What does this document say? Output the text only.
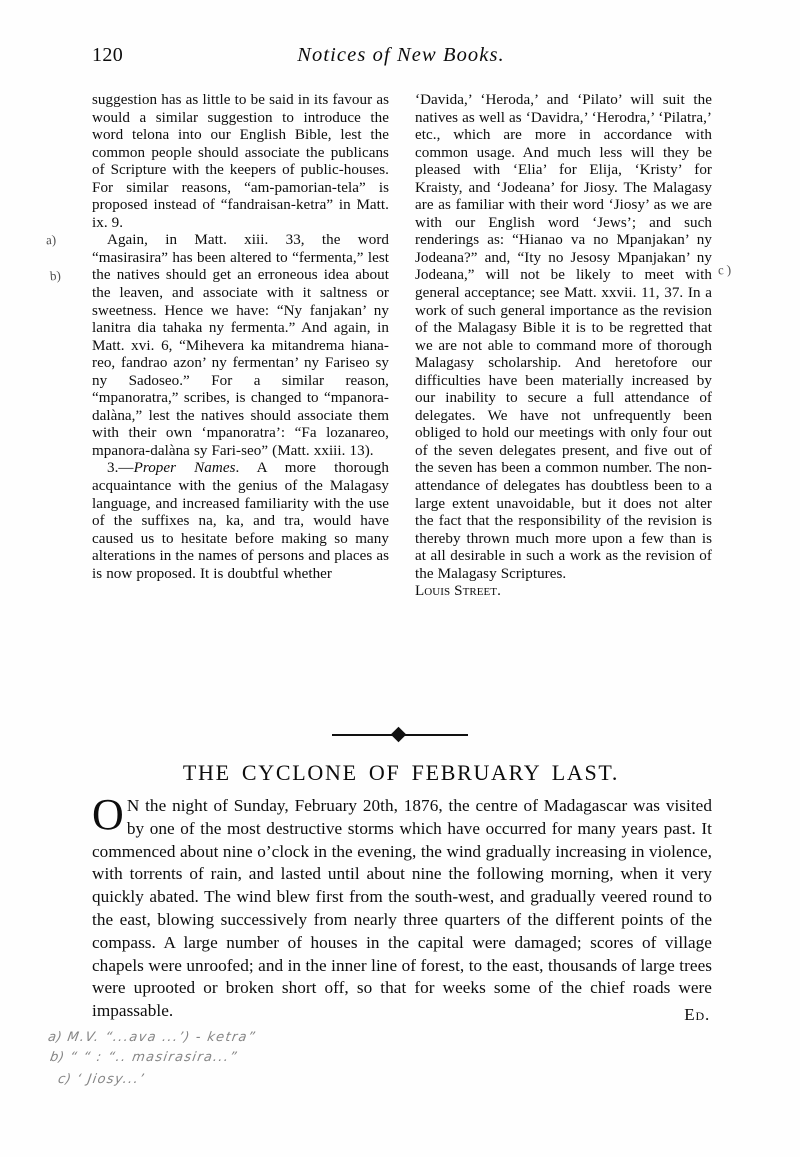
120	Notices of New Books.
a)
b)	c)

suggestion has as little to be said in its favour as would a similar suggestion to introduce the word telona into our English Bible, lest the common people should associate the publicans of Scripture with the keepers of public-houses. For similar reasons, “am-pamorian-tela” is proposed instead of “fandraisan-ketra” in Matt. ix. 9.

Again, in Matt. xiii. 33, the word “masirasira” has been altered to “fermenta,” lest the natives should get an erroneous idea about the leaven, and associate with it saltness or sweetness. Hence we have: “Ny fanjakan’ ny lanitra dia tahaka ny fermenta.” And again, in Matt. xvi. 6, “Mihevera ka mitandrema hiana-reo, fandrao azon’ ny fermentan’ ny Fariseo sy ny Sadoseo.” For a similar reason, “mpanoratra,” scribes, is changed to “mpanora-dalàna,” lest the natives should associate them with their own ‘mpanoratra’: “Fa lozanareo, mpanora-dalàna sy Fari-seo” (Matt. xxiii. 13).

3.—Proper Names. A more thorough acquaintance with the genius of the Malagasy language, and increased familiarity with the use of the suffixes na, ka, and tra, would have caused us to hesitate before making so many alterations in the names of persons and places as is now proposed. It is doubtful whether

‘Davida,’ ‘Heroda,’ and ‘Pilato’ will suit the natives as well as ‘Davidra,’ ‘Herodra,’ ‘Pilatra,’ etc., which are more in accordance with common usage. And much less will they be pleased with ‘Elia’ for Elija, ‘Kristy’ for Kraisty, and ‘Jodeana’ for Jiosy. The Malagasy are as familiar with their word ‘Jiosy’ as we are with our English word ‘Jews’; and such renderings as: “Hianao va no Mpanjakan’ ny Jodeana?” and, “Ity no Jesosy Mpanjakan’ ny Jodeana,” will not be likely to meet with general acceptance; see Matt. xxvii. 11, 37. In a work of such general importance as the revision of the Malagasy Bible it is to be regretted that we are not able to command more of thorough Malagasy scholarship. And heretofore our difficulties have been materially increased by our inability to secure a full attendance of delegates. We have not unfrequently been obliged to hold our meetings with only four out of the seven delegates present, and five out of the seven has been a common number. The non-attendance of delegates has doubtless been to a large extent unavoidable, but it does not alter the fact that the responsibility of the revision is thereby thrown much more upon a few than is at all desirable in such a work as the revision of the Malagasy Scriptures.

Louis Street.

THE CYCLONE OF FEBRUARY LAST.

O N the night of Sunday, February 20th, 1876, the centre of Madagascar was visited by one of the most destructive storms which have occurred for many years past. It commenced about nine o’clock in the evening, the wind gradually increasing in violence, with torrents of rain, and lasted until about nine the following morning, when it very quickly abated. The wind blew first from the south-west, and gradually veered round to the east, blowing successively from nearly three quarters of the different points of the compass. A large number of houses in the capital were damaged; scores of village chapels were unroofed; and in the inner line of forest, to the east, thousands of large trees were uprooted or broken short off, so that for weeks some of the chief roads were impassable.	Ed.
a) M.V. “...ava ...’) - ketra”
b) “ “ : “.. masirasira...”
c) ‘ Jiosy...’
